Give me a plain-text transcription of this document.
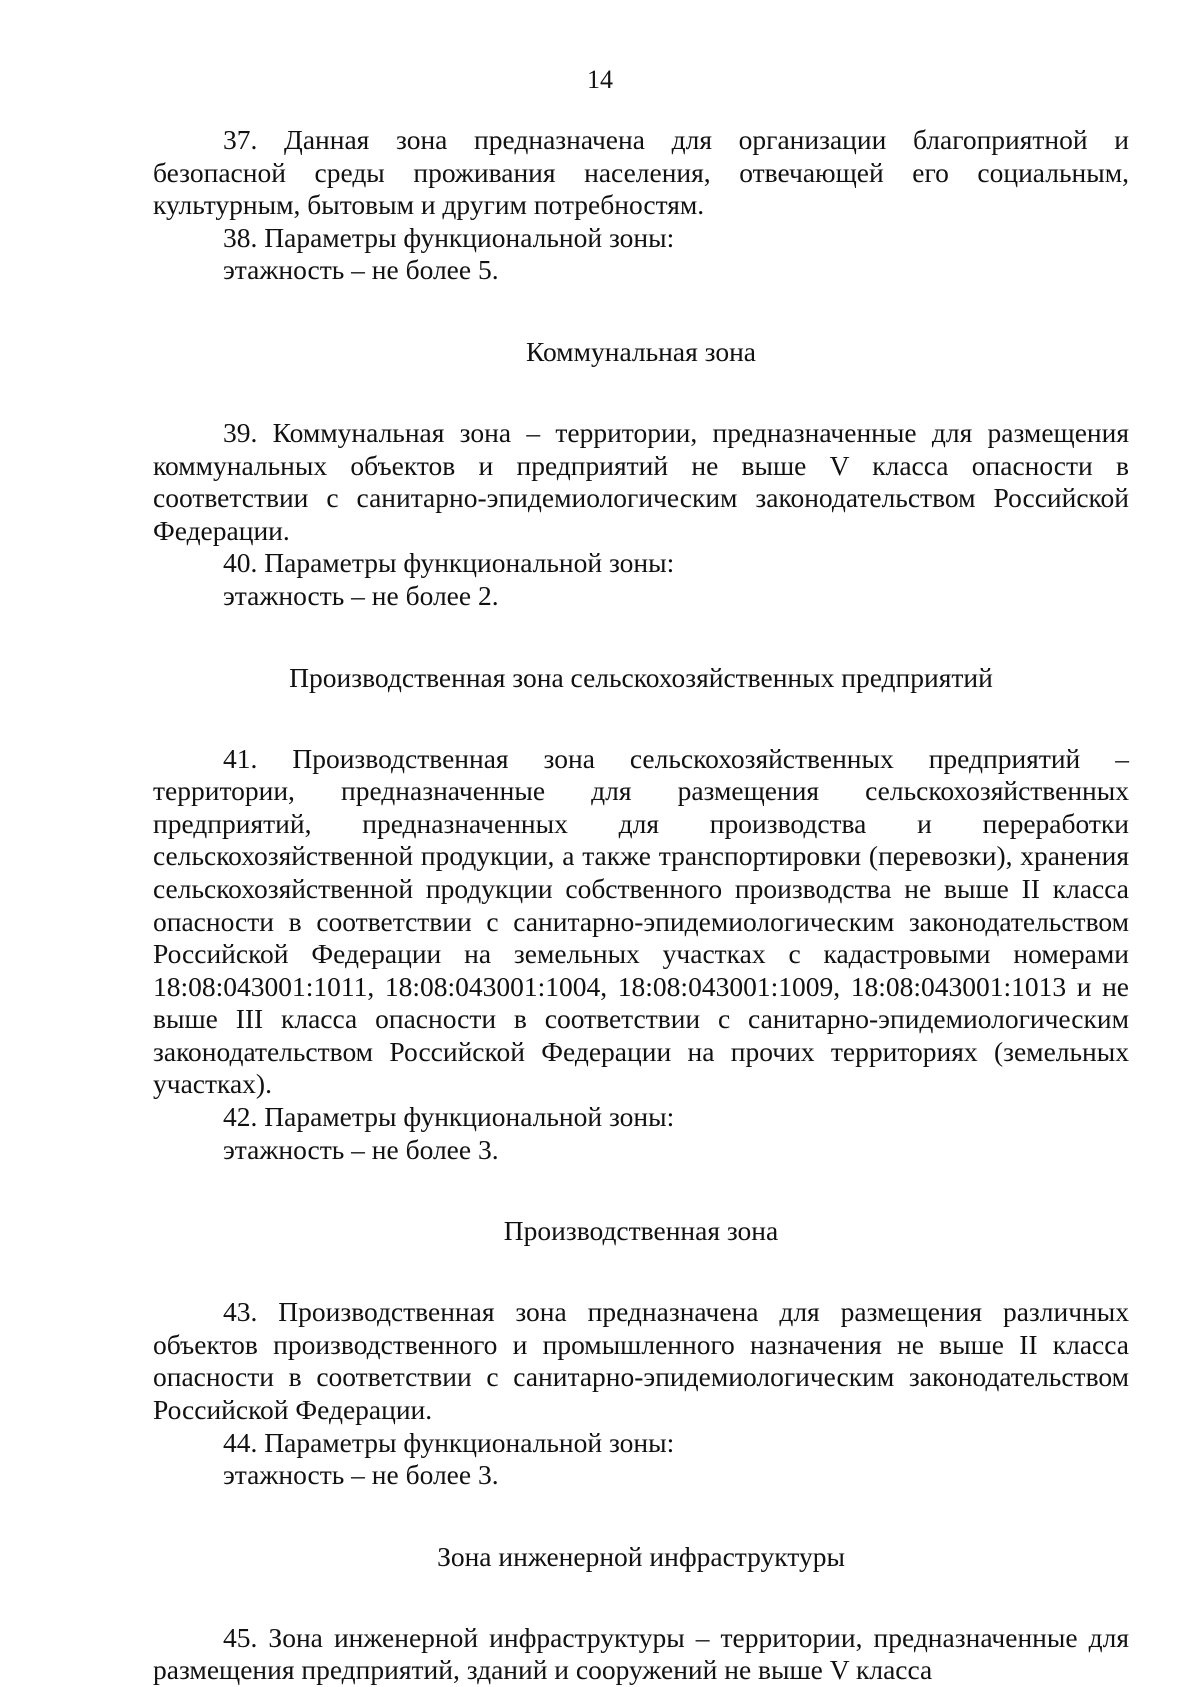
14

37. Данная зона предназначена для организации благоприятной и безопасной среды проживания населения, отвечающей его социальным, культурным, бытовым и другим потребностям.

38. Параметры функциональной зоны:

этажность – не более 5.

Коммунальная зона

39. Коммунальная зона – территории, предназначенные для размещения коммунальных объектов и предприятий не выше V класса опасности в соответствии с санитарно-эпидемиологическим законодательством Российской Федерации.

40. Параметры функциональной зоны:

этажность – не более 2.

Производственная зона сельскохозяйственных предприятий

41. Производственная зона сельскохозяйственных предприятий – территории, предназначенные для размещения сельскохозяйственных предприятий, предназначенных для производства и переработки сельскохозяйственной продукции, а также транспортировки (перевозки), хранения сельскохозяйственной продукции собственного производства не выше II класса опасности в соответствии с санитарно-эпидемиологическим законодательством Российской Федерации на земельных участках с кадастровыми номерами 18:08:043001:1011, 18:08:043001:1004, 18:08:043001:1009, 18:08:043001:1013 и не выше III класса опасности в соответствии с санитарно-эпидемиологическим законодательством Российской Федерации на прочих территориях (земельных участках).

42. Параметры функциональной зоны:

этажность – не более 3.

Производственная зона

43. Производственная зона предназначена для размещения различных объектов производственного и промышленного назначения не выше II класса опасности в соответствии с санитарно-эпидемиологическим законодательством Российской Федерации.

44. Параметры функциональной зоны:

этажность – не более 3.

Зона инженерной инфраструктуры

45. Зона инженерной инфраструктуры – территории, предназначенные для размещения предприятий, зданий и сооружений не выше V класса
